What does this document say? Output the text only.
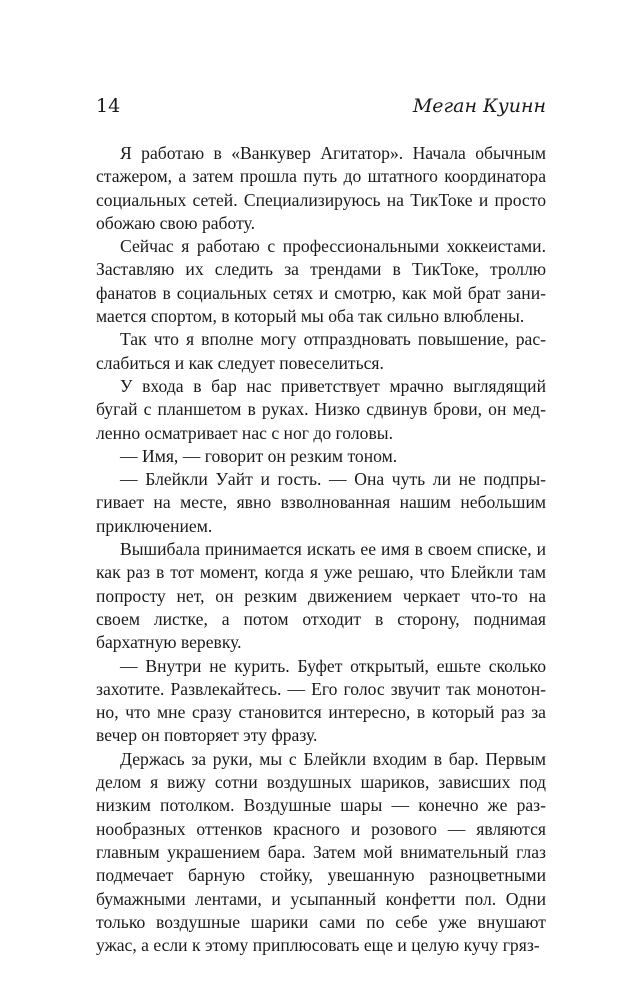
14	Меган Куинн

Я работаю в «Ванкувер Агитатор». Начала обычным стажером, а затем прошла путь до штатного координатора социальных сетей. Специализируюсь на ТикТоке и просто обожаю свою работу.

Сейчас я работаю с профессиональными хоккеистами. Заставляю их следить за трендами в ТикТоке, троллю фанатов в социальных сетях и смотрю, как мой брат занимается спортом, в который мы оба так сильно влюблены.

Так что я вполне могу отпраздновать повышение, расслабиться и как следует повеселиться.

У входа в бар нас приветствует мрачно выглядящий бугай с планшетом в руках. Низко сдвинув брови, он медленно осматривает нас с ног до головы.

— Имя, — говорит он резким тоном.

— Блейкли Уайт и гость. — Она чуть ли не подпрыгивает на месте, явно взволнованная нашим небольшим приключением.

Вышибала принимается искать ее имя в своем списке, и как раз в тот момент, когда я уже решаю, что Блейкли там попросту нет, он резким движением черкает что-то на своем листке, а потом отходит в сторону, поднимая бархатную веревку.

— Внутри не курить. Буфет открытый, ешьте сколько захотите. Развлекайтесь. — Его голос звучит так монотонно, что мне сразу становится интересно, в который раз за вечер он повторяет эту фразу.

Держась за руки, мы с Блейкли входим в бар. Первым делом я вижу сотни воздушных шариков, зависших под низким потолком. Воздушные шары — конечно же разнообразных оттенков красного и розового — являются главным украшением бара. Затем мой внимательный глаз подмечает барную стойку, увешанную разноцветными бумажными лентами, и усыпанный конфетти пол. Одни только воздушные шарики сами по себе уже внушают ужас, а если к этому приплюсовать еще и целую кучу гряз-
